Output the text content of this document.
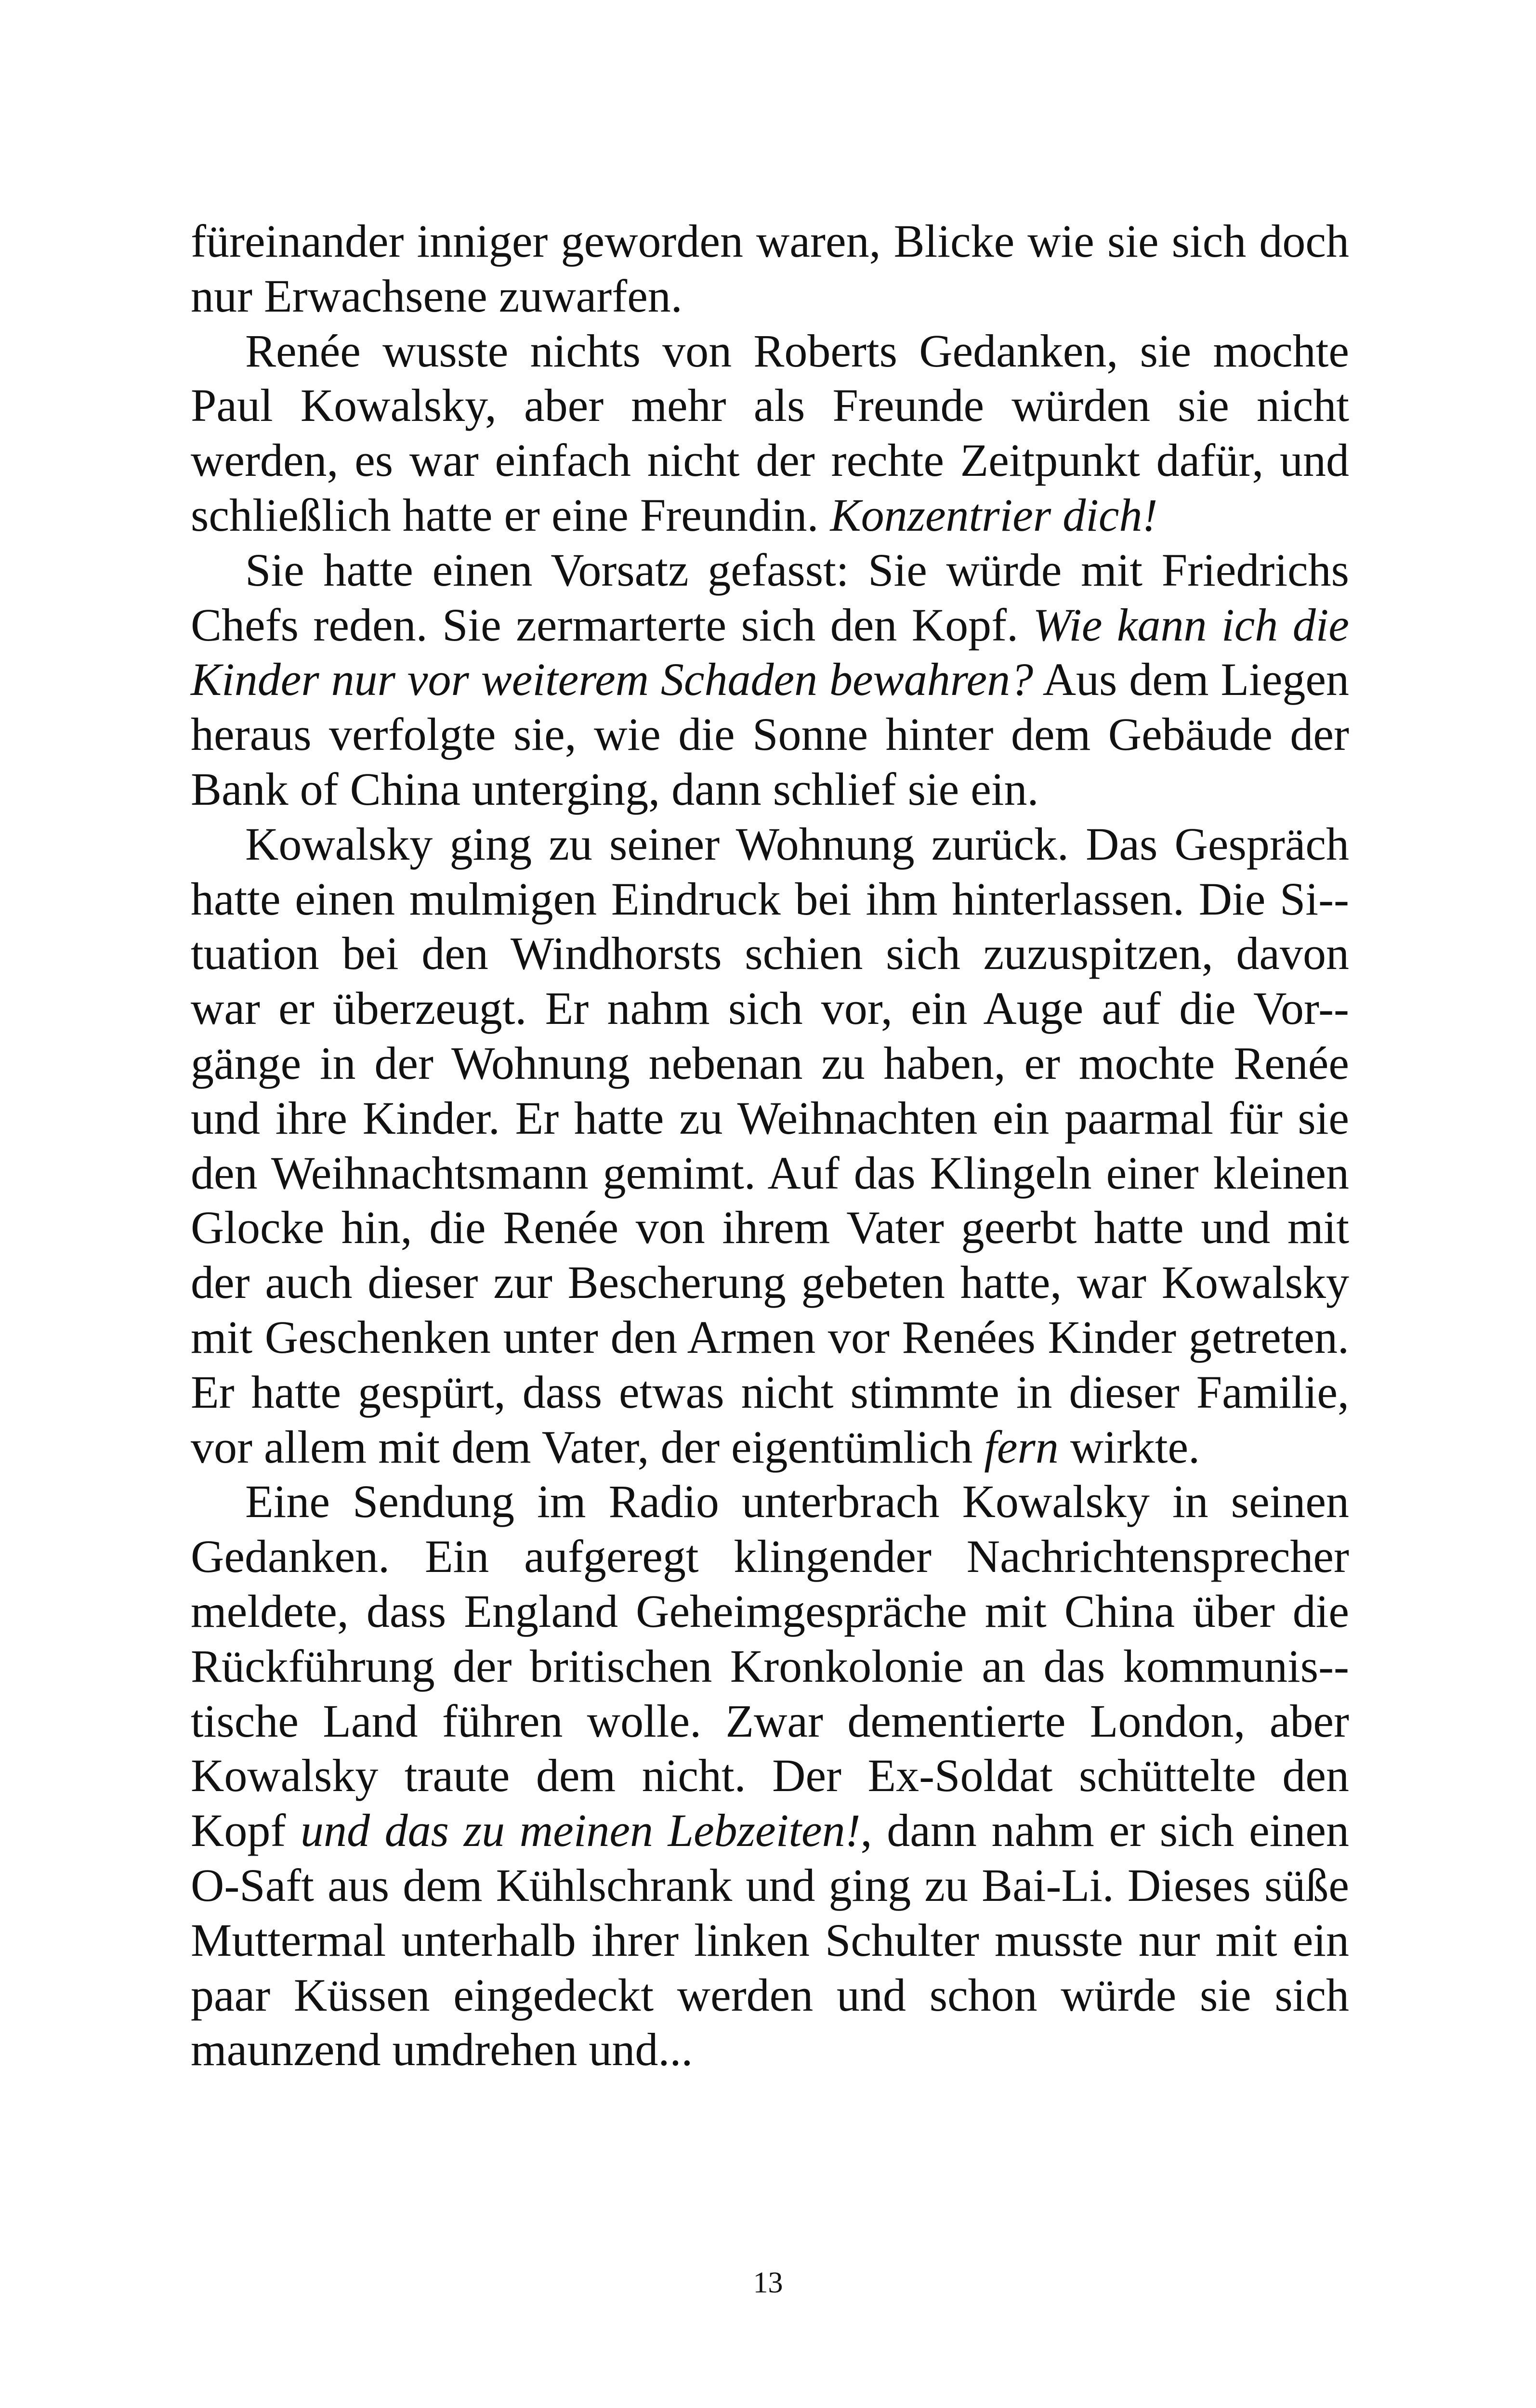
füreinander inniger geworden waren, Blicke wie sie sich doch nur Erwachsene zuwarfen.

Renée wusste nichts von Roberts Gedanken, sie mochte Paul Kowalsky, aber mehr als Freunde würden sie nicht werden, es war einfach nicht der rechte Zeitpunkt dafür, und schließlich hatte er eine Freundin. Konzentrier dich!

Sie hatte einen Vorsatz gefasst: Sie würde mit Friedrichs Chefs reden. Sie zermarterte sich den Kopf. Wie kann ich die Kinder nur vor weiterem Schaden bewahren? Aus dem Liegen heraus verfolgte sie, wie die Sonne hinter dem Gebäude der Bank of China unterging, dann schlief sie ein.

Kowalsky ging zu seiner Wohnung zurück. Das Gespräch hatte einen mulmigen Eindruck bei ihm hinterlassen. Die Si-tuation bei den Windhorsts schien sich zuzuspitzen, davon war er überzeugt. Er nahm sich vor, ein Auge auf die Vor-gänge in der Wohnung nebenan zu haben, er mochte Renée und ihre Kinder. Er hatte zu Weihnachten ein paarmal für sie den Weihnachtsmann gemimt. Auf das Klingeln einer kleinen Glocke hin, die Renée von ihrem Vater geerbt hatte und mit der auch dieser zur Bescherung gebeten hatte, war Kowalsky mit Geschenken unter den Armen vor Renées Kinder getreten. Er hatte gespürt, dass etwas nicht stimmte in dieser Familie, vor allem mit dem Vater, der eigentümlich fern wirkte.

Eine Sendung im Radio unterbrach Kowalsky in seinen Gedanken. Ein aufgeregt klingender Nachrichtensprecher meldete, dass England Geheimgespräche mit China über die Rückführung der britischen Kronkolonie an das kommunis-tische Land führen wolle. Zwar dementierte London, aber Kowalsky traute dem nicht. Der Ex-Soldat schüttelte den Kopf und das zu meinen Lebzeiten!, dann nahm er sich einen O-Saft aus dem Kühlschrank und ging zu Bai-Li. Dieses süße Muttermal unterhalb ihrer linken Schulter musste nur mit ein paar Küssen eingedeckt werden und schon würde sie sich maunzend umdrehen und...

13
